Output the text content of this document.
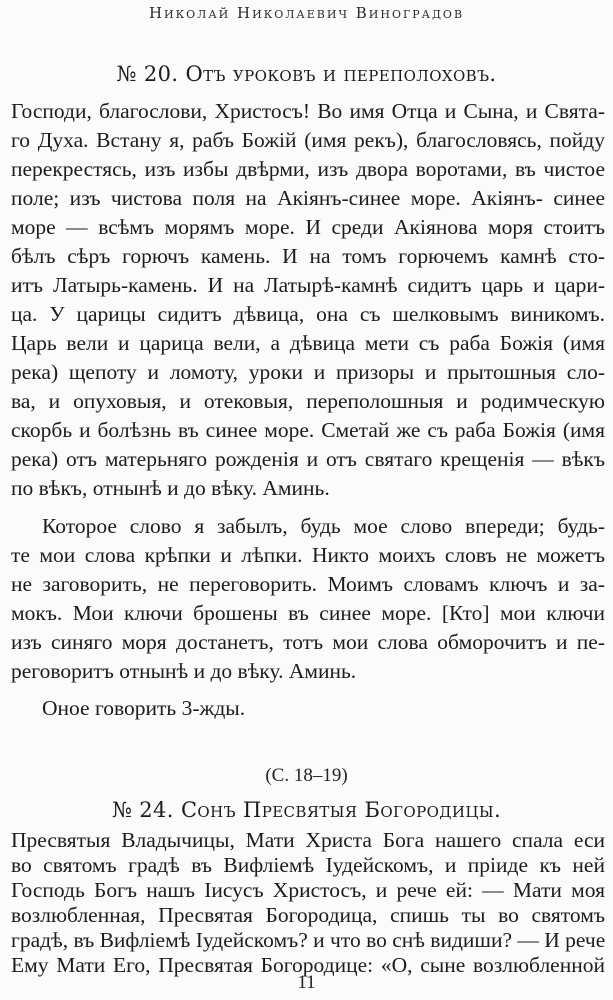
Николай Николаевич Виноградов
№ 20. Отъ уроковъ и переполоховъ.
Господи, благослови, Христосъ! Во имя Отца и Сына, и Свята-
го Духа. Встану я, рабъ Божій (имя рекъ), благословясь, пойду
перекрестясь, изъ избы двѣрми, изъ двора воротами, въ чистое
поле; изъ чистова поля на Акіянъ-синее море. Акіянъ- синее
море — всѣмъ морямъ море. И среди Акіянова моря стоитъ
бѣлъ сѣръ горючъ камень. И на томъ горючемъ камнѣ сто-
итъ Латырь-камень. И на Латырѣ-камнѣ сидитъ царь и цари-
ца. У царицы сидитъ дѣвица, она съ шелковымъ виникомъ.
Царь вели и царица вели, а дѣвица мети съ раба Божія (имя
река) щепоту и ломоту, уроки и призоры и прытошныя сло-
ва, и опуховыя, и отековыя, переполошныя и родимческую
скорбь и болѣзнь въ синее море. Сметай же съ раба Божія (имя
река) отъ матерьняго рожденія и отъ святаго крещенія — вѣкъ
по вѣкъ, отнынѣ и до вѣку. Аминь.
Которое слово я забылъ, будь мое слово впереди; будь-
те мои слова крѣпки и лѣпки. Никто моихъ словъ не можетъ
не заговорить, не переговорить. Моимъ словамъ ключъ и за-
мокъ. Мои ключи брошены въ синее море. [Кто] мои ключи
изъ синяго моря достанетъ, тотъ мои слова обморочитъ и пе-
реговоритъ отнынѣ и до вѣку. Аминь.
Оное говорить 3-жды.
(С. 18–19)
№ 24. Сонъ Пресвятыя Богородицы.
Пресвятыя Владычицы, Мати Христа Бога нашего спала еси
во святомъ градѣ въ Вифліемѣ Іудейскомъ, и пріиде къ ней
Господь Богъ нашъ Іисусъ Христосъ, и рече ей: — Мати моя
возлюбленная, Пресвятая Богородица, спишь ты во святомъ
градѣ, въ Вифліемѣ Іудейскомъ? и что во снѣ видиши? — И рече
Ему Мати Его, Пресвятая Богородице: «О, сыне возлюбленной
11
